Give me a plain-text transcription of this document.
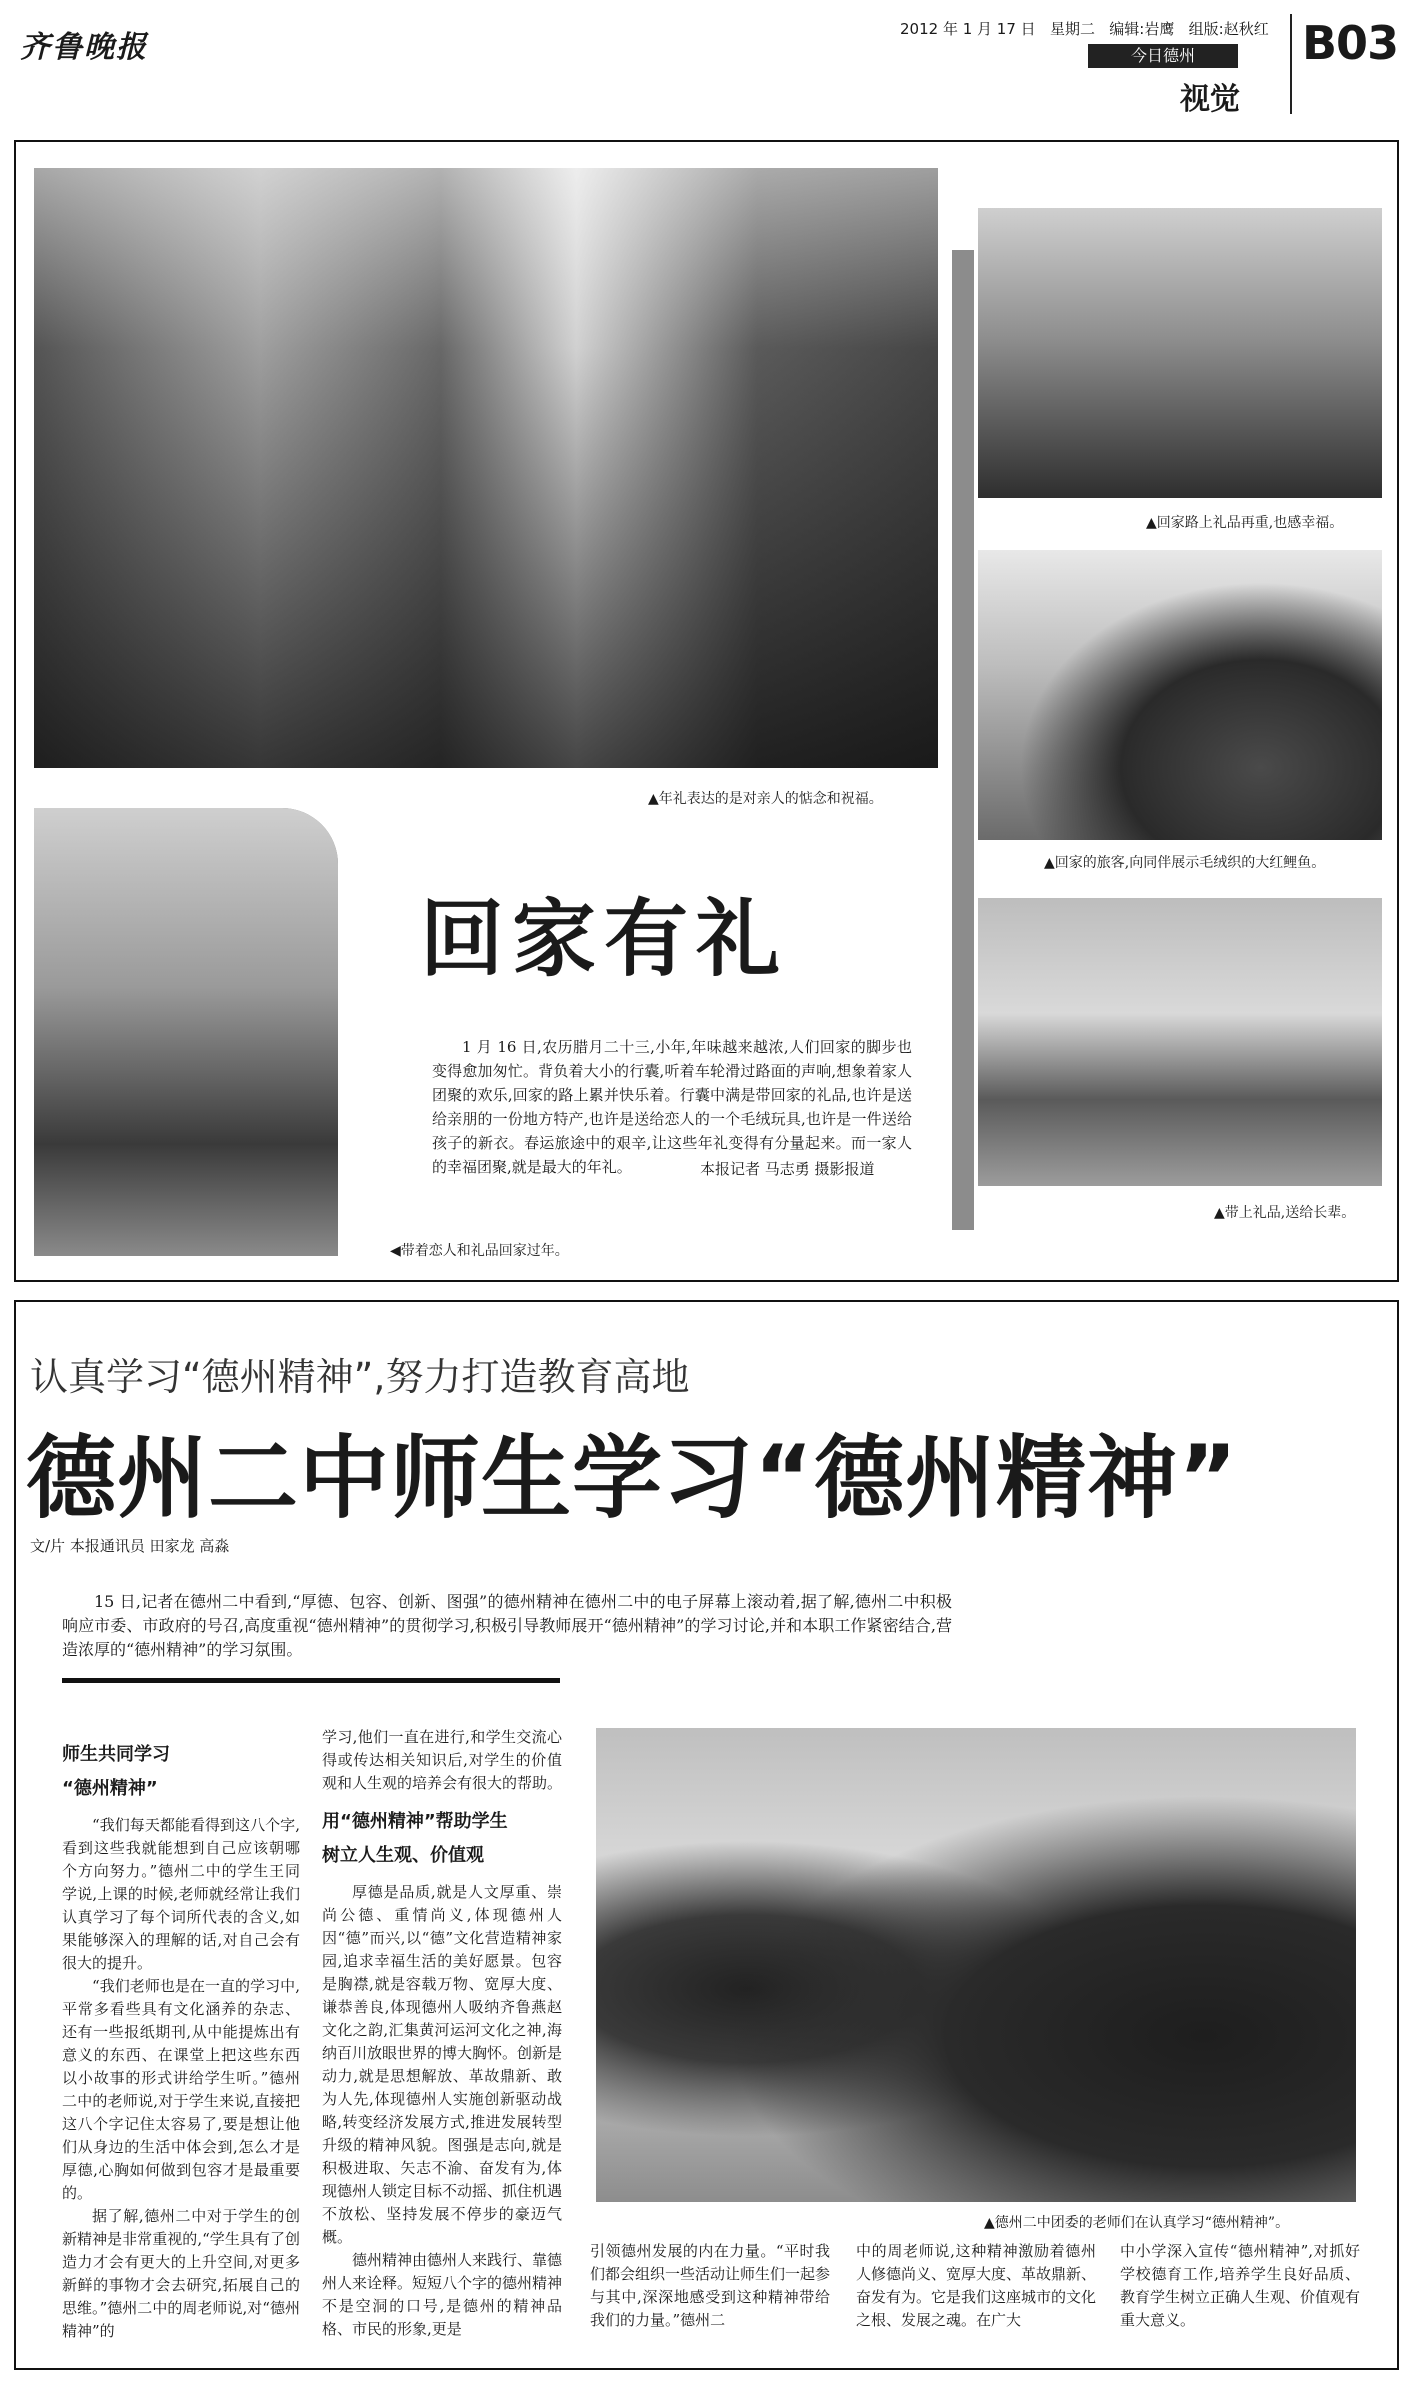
齐鲁晚报
2012 年 1 月 17 日 星期二 编辑:岩鹰 组版:赵秋红
今日德州
视觉
B03
▲年礼表达的是对亲人的惦念和祝福。
▲回家路上礼品再重,也感幸福。
▲回家的旅客,向同伴展示毛绒织的大红鲤鱼。
▲带上礼品,送给长辈。
◀带着恋人和礼品回家过年。
回家有礼
1 月 16 日,农历腊月二十三,小年,年味越来越浓,人们回家的脚步也变得愈加匆忙。背负着大小的行囊,听着车轮滑过路面的声响,想象着家人团聚的欢乐,回家的路上累并快乐着。行囊中满是带回家的礼品,也许是送给亲朋的一份地方特产,也许是送给恋人的一个毛绒玩具,也许是一件送给孩子的新衣。春运旅途中的艰辛,让这些年礼变得有分量起来。而一家人的幸福团聚,就是最大的年礼。	本报记者 马志勇 摄影报道
认真学习“德州精神”,努力打造教育高地
德州二中师生学习“德州精神”
文/片 本报通讯员 田家龙 高淼
15 日,记者在德州二中看到,“厚德、包容、创新、图强”的德州精神在德州二中的电子屏幕上滚动着,据了解,德州二中积极响应市委、市政府的号召,高度重视“德州精神”的贯彻学习,积极引导教师展开“德州精神”的学习讨论,并和本职工作紧密结合,营造浓厚的“德州精神”的学习氛围。
师生共同学习
“德州精神”

“我们每天都能看得到这八个字,看到这些我就能想到自己应该朝哪个方向努力。”德州二中的学生王同学说,上课的时候,老师就经常让我们认真学习了每个词所代表的含义,如果能够深入的理解的话,对自己会有很大的提升。

“我们老师也是在一直的学习中,平常多看些具有文化涵养的杂志、还有一些报纸期刊,从中能提炼出有意义的东西、在课堂上把这些东西以小故事的形式讲给学生听。”德州二中的老师说,对于学生来说,直接把这八个字记住太容易了,要是想让他们从身边的生活中体会到,怎么才是厚德,心胸如何做到包容才是最重要的。

据了解,德州二中对于学生的创新精神是非常重视的,“学生具有了创造力才会有更大的上升空间,对更多新鲜的事物才会去研究,拓展自己的思维。”德州二中的周老师说,对“德州精神”的

学习,他们一直在进行,和学生交流心得或传达相关知识后,对学生的价值观和人生观的培养会有很大的帮助。

用“德州精神”帮助学生
树立人生观、价值观

厚德是品质,就是人文厚重、崇尚公德、重情尚义,体现德州人因“德”而兴,以“德”文化营造精神家园,追求幸福生活的美好愿景。包容是胸襟,就是容载万物、宽厚大度、谦恭善良,体现德州人吸纳齐鲁燕赵文化之韵,汇集黄河运河文化之神,海纳百川放眼世界的博大胸怀。创新是动力,就是思想解放、革故鼎新、敢为人先,体现德州人实施创新驱动战略,转变经济发展方式,推进发展转型升级的精神风貌。图强是志向,就是积极进取、矢志不渝、奋发有为,体现德州人锁定目标不动摇、抓住机遇不放松、坚持发展不停步的豪迈气概。

德州精神由德州人来践行、靠德州人来诠释。短短八个字的德州精神不是空洞的口号,是德州的精神品格、市民的形象,更是

▲德州二中团委的老师们在认真学习“德州精神”。

引领德州发展的内在力量。“平时我们都会组织一些活动让师生们一起参与其中,深深地感受到这种精神带给我们的力量。”德州二

中的周老师说,这种精神激励着德州人修德尚义、宽厚大度、革故鼎新、奋发有为。它是我们这座城市的文化之根、发展之魂。在广大

中小学深入宣传“德州精神”,对抓好学校德育工作,培养学生良好品质、教育学生树立正确人生观、价值观有重大意义。
